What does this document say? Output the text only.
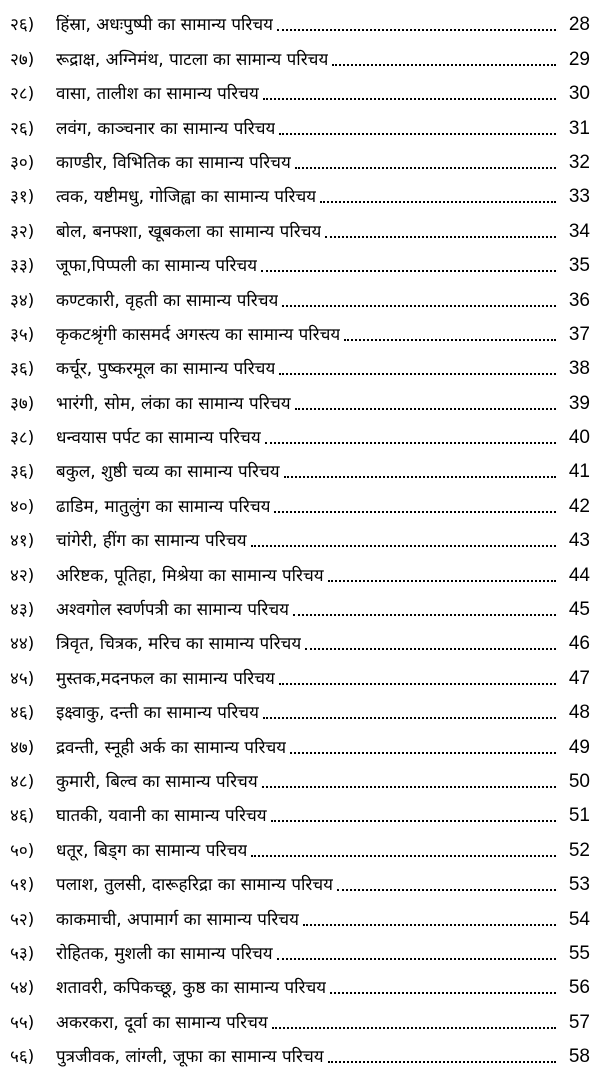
२६)	हिंस्रा, अधःपुष्पी का सामान्य परिचय	28
२७)	रूद्राक्ष, अग्निमंथ, पाटला का सामान्य परिचय	29
२८)	वासा, तालीश का सामान्य परिचय	30
२६)	लवंग, काञ्चनार का सामान्य परिचय	31
३०)	काण्डीर, विभितिक का सामान्य परिचय	32
३१)	त्वक, यष्टीमधु, गोजिह्वा का सामान्य परिचय	33
३२)	बोल, बनफ्शा, खूबकला का सामान्य परिचय	34
३३)	जूफा,पिप्पली का सामान्य परिचय	35
३४)	कण्टकारी, वृहती का सामान्य परिचय	36
३५)	कृकटश्रृंगी कासमर्द अगस्त्य का सामान्य परिचय	37
३६)	कर्चूर, पुष्करमूल का सामान्य परिचय	38
३७)	भारंगी, सोम, लंका का सामान्य परिचय	39
३८)	धन्वयास पर्पट का सामान्य परिचय	40
३६)	बकुल, शुष्ठी चव्य का सामान्य परिचय	41
४०)	ढाडिम, मातुलुंग का सामान्य परिचय	42
४१)	चांगेरी, हींग का सामान्य परिचय	43
४२)	अरिष्टक, पूतिहा, मिश्रेया का सामान्य परिचय	44
४३)	अश्वगोल स्वर्णपत्री का सामान्य परिचय	45
४४)	त्रिवृत, चित्रक, मरिच का सामान्य परिचय	46
४५)	मुस्तक,मदनफल का सामान्य परिचय	47
४६)	इक्ष्वाकु, दन्ती का सामान्य परिचय	48
४७)	द्रवन्ती, स्नूही अर्क का सामान्य परिचय	49
४८)	कुमारी, बिल्व का सामान्य परिचय	50
४६)	घातकी, यवानी का सामान्य परिचय	51
५०)	धतूर, बिड्ग का सामान्य परिचय	52
५१)	पलाश, तुलसी, दारूहरिद्रा का सामान्य परिचय	53
५२)	काकमाची, अपामार्ग का सामान्य परिचय	54
५३)	रोहितक, मुशली का सामान्य परिचय	55
५४)	शतावरी, कपिकच्छू, कुष्ठ का सामान्य परिचय	56
५५)	अकरकरा, दूर्वा का सामान्य परिचय	57
५६)	पुत्रजीवक, लांग्ली, जूफा का सामान्य परिचय	58
